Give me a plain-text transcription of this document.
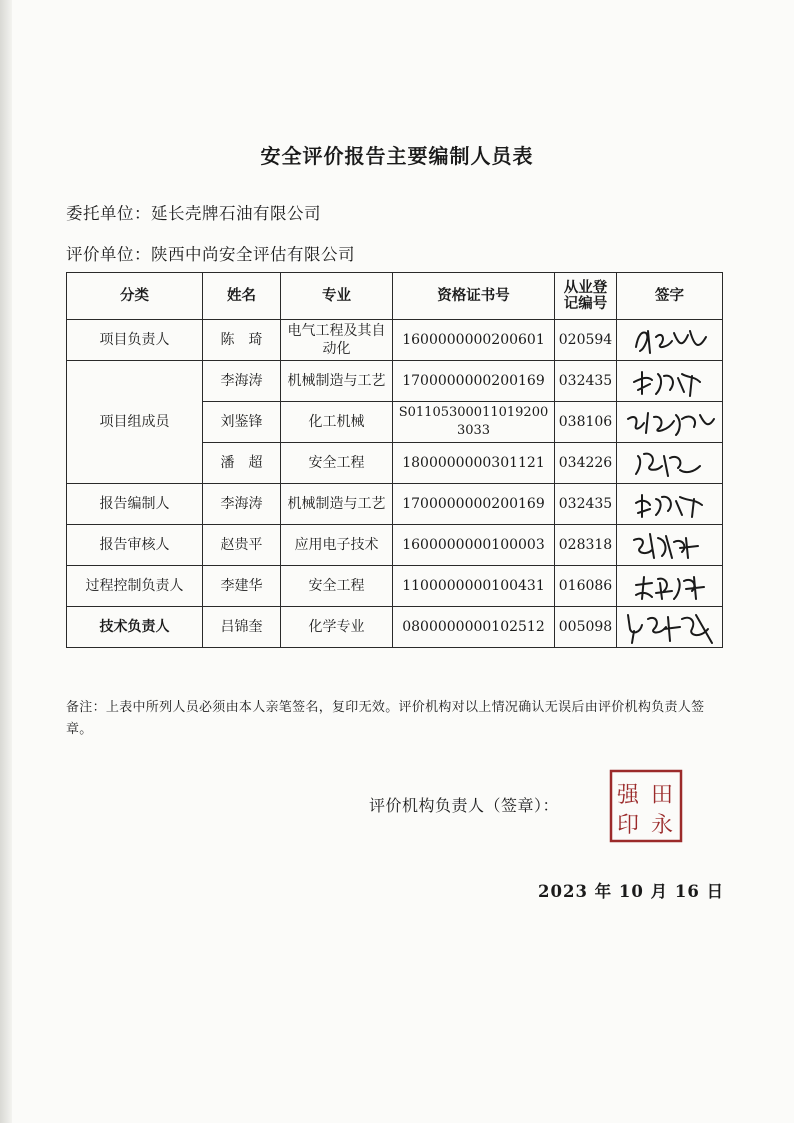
安全评价报告主要编制人员表
委托单位：延长壳牌石油有限公司
评价单位：陕西中尚安全评估有限公司
分类	姓名	专业	资格证书号	从业登记编号	签字
项目负责人	陈　琦	电气工程及其自动化	1600000000200601	020594	

项目组成员	李海涛	机械制造与工艺	1700000000200169	032435	

	刘鉴锋	化工机械	S011053000110192003033	038106	

	潘　超	安全工程	1800000000301121	034226	

报告编制人	李海涛	机械制造与工艺	1700000000200169	032435	

报告审核人	赵贵平	应用电子技术	1600000000100003	028318	

过程控制负责人	李建华	安全工程	1100000000100431	016086	

技术负责人	吕锦奎	化学专业	0800000000102512	005098	
备注：上表中所列人员必须由本人亲笔签名，复印无效。评价机构对以上情况确认无误后由评价机构负责人签章。
评价机构负责人（签章）：	强 田
印 永
2023 年 10 月 16 日
